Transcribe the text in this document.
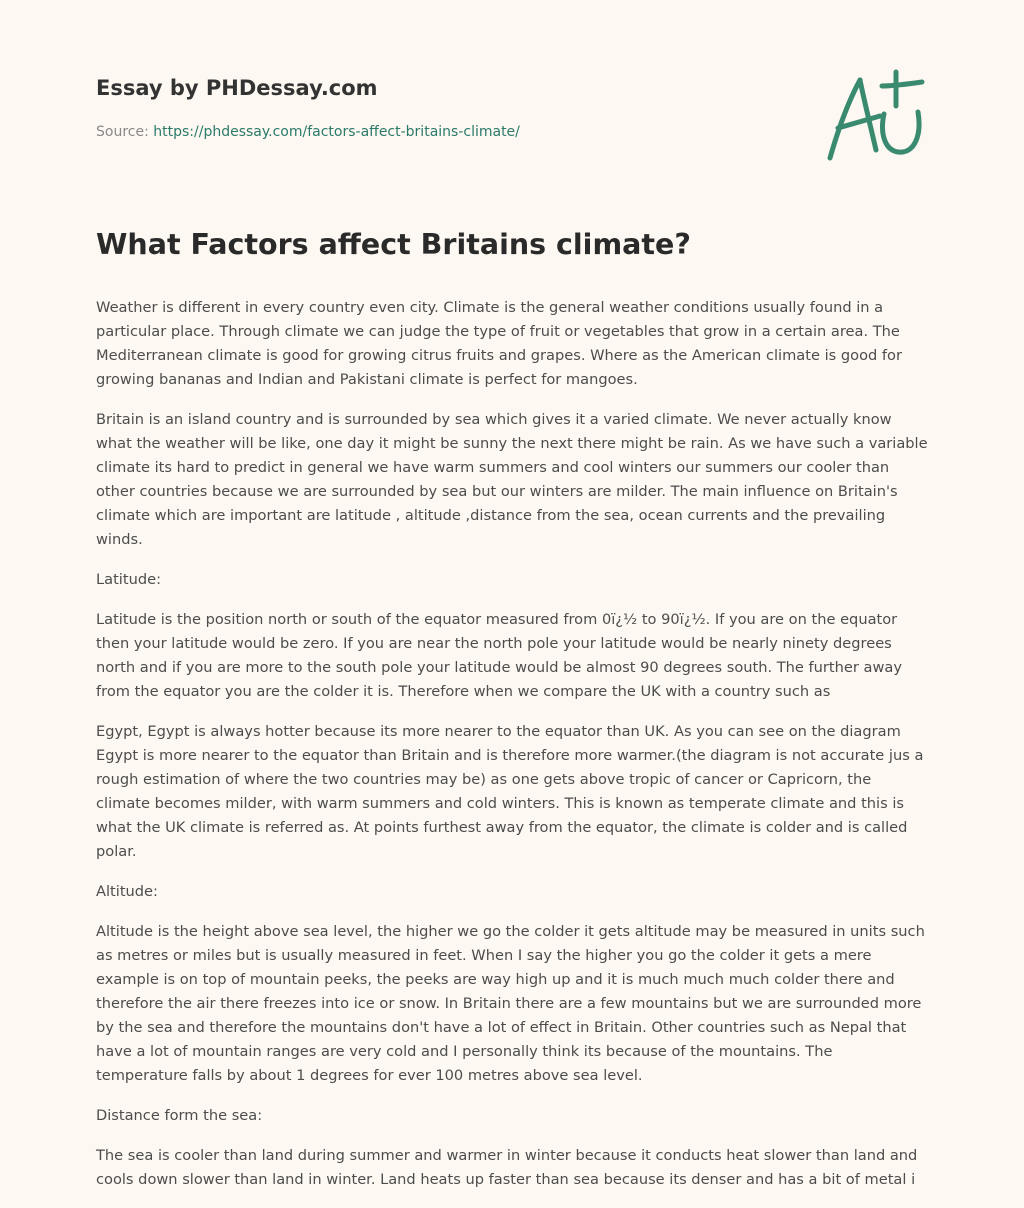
Essay by PHDessay.com
Source: https://phdessay.com/factors-affect-britains-climate/
What Factors affect Britains climate?

Weather is different in every country even city. Climate is the general weather conditions usually found in a particular place. Through climate we can judge the type of fruit or vegetables that grow in a certain area. The Mediterranean climate is good for growing citrus fruits and grapes. Where as the American climate is good for growing bananas and Indian and Pakistani climate is perfect for mangoes.

Britain is an island country and is surrounded by sea which gives it a varied climate. We never actually know what the weather will be like, one day it might be sunny the next there might be rain. As we have such a variable climate its hard to predict in general we have warm summers and cool winters our summers our cooler than other countries because we are surrounded by sea but our winters are milder. The main influence on Britain's climate which are important are latitude , altitude ,distance from the sea, ocean currents and the prevailing winds.

Latitude:

Latitude is the position north or south of the equator measured from 0ï¿½ to 90ï¿½. If you are on the equator then your latitude would be zero. If you are near the north pole your latitude would be nearly ninety degrees north and if you are more to the south pole your latitude would be almost 90 degrees south. The further away from the equator you are the colder it is. Therefore when we compare the UK with a country such as

Egypt, Egypt is always hotter because its more nearer to the equator than UK. As you can see on the diagram Egypt is more nearer to the equator than Britain and is therefore more warmer.(the diagram is not accurate jus a rough estimation of where the two countries may be) as one gets above tropic of cancer or Capricorn, the climate becomes milder, with warm summers and cold winters. This is known as temperate climate and this is what the UK climate is referred as. At points furthest away from the equator, the climate is colder and is called polar.

Altitude:

Altitude is the height above sea level, the higher we go the colder it gets altitude may be measured in units such as metres or miles but is usually measured in feet. When I say the higher you go the colder it gets a mere example is on top of mountain peeks, the peeks are way high up and it is much much much colder there and therefore the air there freezes into ice or snow. In Britain there are a few mountains but we are surrounded more by the sea and therefore the mountains don't have a lot of effect in Britain. Other countries such as Nepal that have a lot of mountain ranges are very cold and I personally think its because of the mountains. The temperature falls by about 1 degrees for ever 100 metres above sea level.

Distance form the sea:

The sea is cooler than land during summer and warmer in winter because it conducts heat slower than land and cools down slower than land in winter. Land heats up faster than sea because its denser and has a bit of metal i
